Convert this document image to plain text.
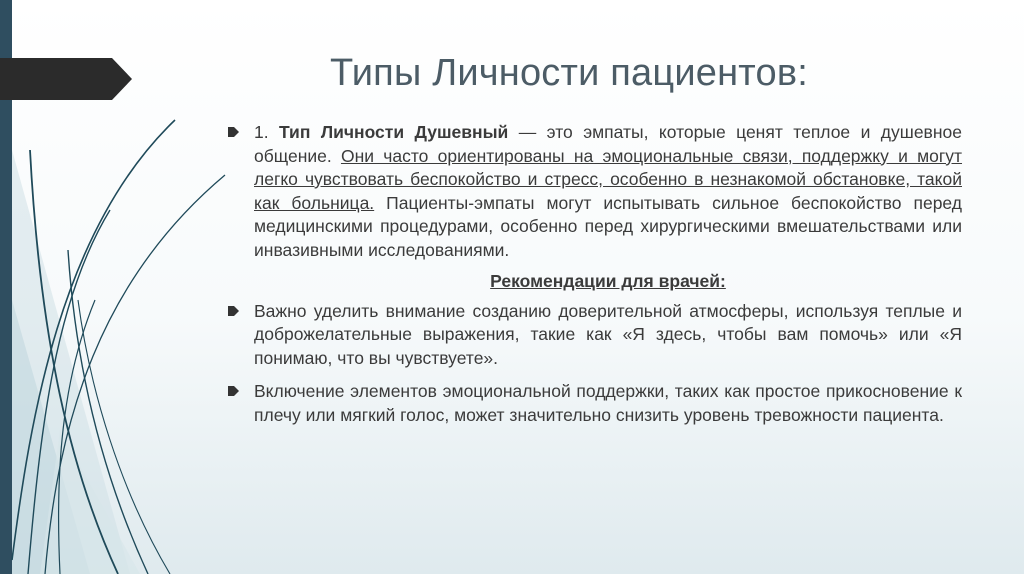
Типы Личности пациентов:
1. Тип Личности Душевный — это эмпаты, которые ценят теплое и душевное общение. Они часто ориентированы на эмоциональные связи, поддержку и могут легко чувствовать беспокойство и стресс, особенно в незнакомой обстановке, такой как больница. Пациенты-эмпаты могут испытывать сильное беспокойство перед медицинскими процедурами, особенно перед хирургическими вмешательствами или инвазивными исследованиями.
Рекомендации для врачей:
Важно уделить внимание созданию доверительной атмосферы, используя теплые и доброжелательные выражения, такие как «Я здесь, чтобы вам помочь» или «Я понимаю, что вы чувствуете».
Включение элементов эмоциональной поддержки, таких как простое прикосновение к плечу или мягкий голос, может значительно снизить уровень тревожности пациента.
